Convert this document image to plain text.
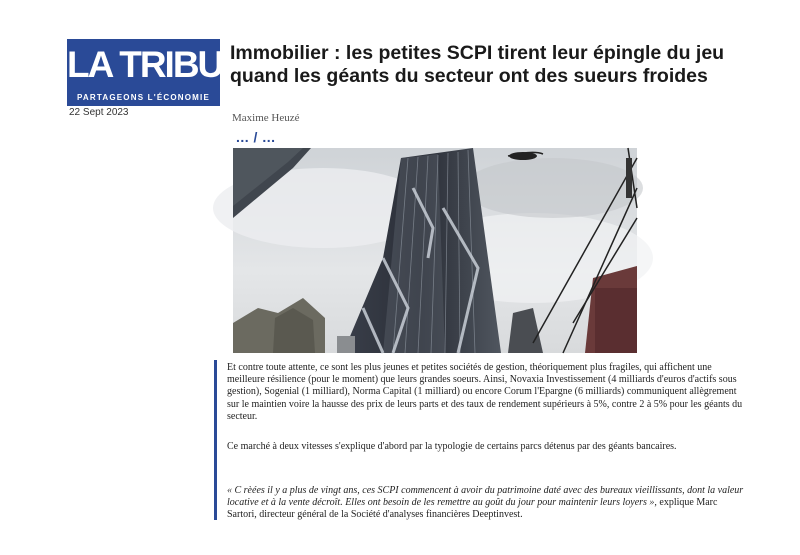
LA TRIBUNE
PARTAGEONS L'ÉCONOMIE
22 Sept 2023
Immobilier : les petites SCPI tirent leur épingle du jeu quand les géants du secteur ont des sueurs froides
Maxime Heuzé
... / ...

Et contre toute attente, ce sont les plus jeunes et petites sociétés de gestion, théoriquement plus fragiles, qui affichent une meilleure résilience (pour le moment) que leurs grandes soeurs. Ainsi, Novaxia Investissement (4 milliards d'euros d'actifs sous gestion), Sogenial (1 milliard), Norma Capital (1 milliard) ou encore Corum l'Epargne (6 milliards) communiquent allègrement sur le maintien voire la hausse des prix de leurs parts et des taux de rendement supérieurs à 5%, contre 2 à 5% pour les géants du secteur.

Ce marché à deux vitesses s'explique d'abord par la typologie de certains parcs détenus par des géants bancaires.

« C rèées il y a plus de vingt ans, ces SCPI commencent à avoir du patrimoine daté avec des bureaux vieillissants, dont la valeur locative et à la vente décroît. Elles ont besoin de les remettre au goût du jour pour maintenir leurs loyers », explique Marc Sartori, directeur général de la Société d'analyses financières Deeptinvest.
